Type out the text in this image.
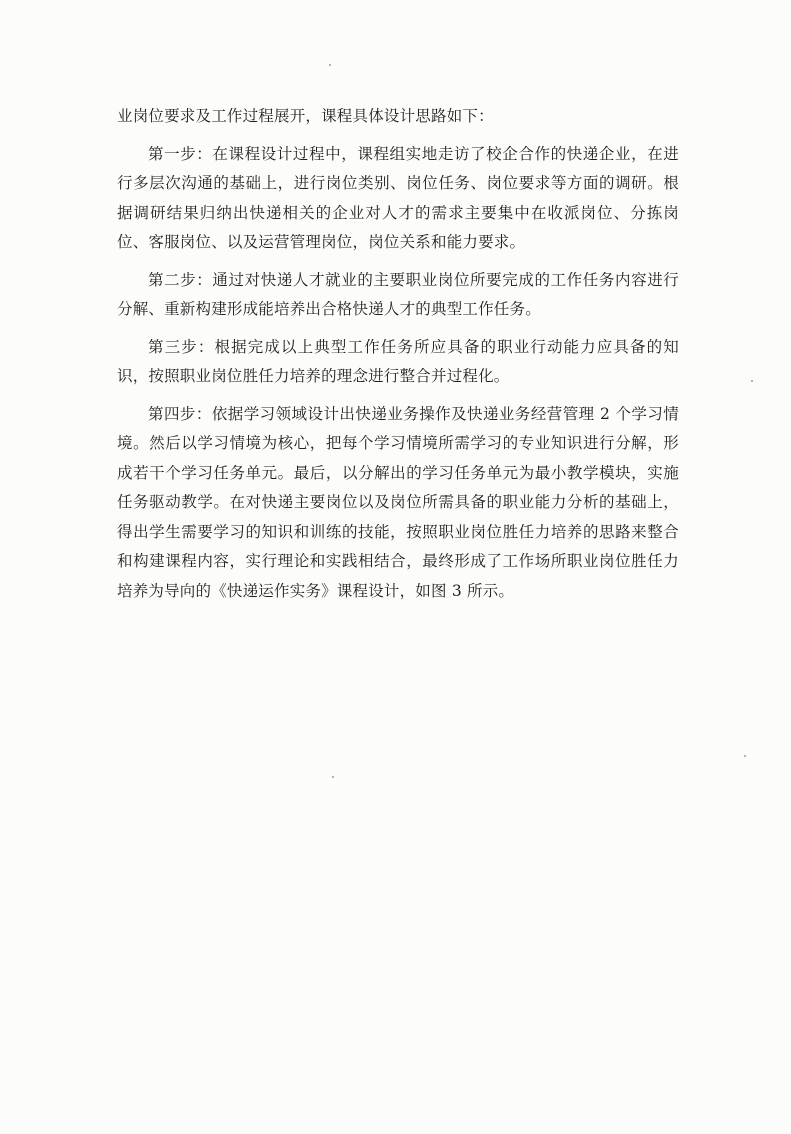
业岗位要求及工作过程展开，课程具体设计思路如下：

第一步：在课程设计过程中，课程组实地走访了校企合作的快递企业，在进行多层次沟通的基础上，进行岗位类别、岗位任务、岗位要求等方面的调研。根据调研结果归纳出快递相关的企业对人才的需求主要集中在收派岗位、分拣岗位、客服岗位、以及运营管理岗位，岗位关系和能力要求。

第二步：通过对快递人才就业的主要职业岗位所要完成的工作任务内容进行分解、重新构建形成能培养出合格快递人才的典型工作任务。

第三步：根据完成以上典型工作任务所应具备的职业行动能力应具备的知识，按照职业岗位胜任力培养的理念进行整合并过程化。

第四步：依据学习领域设计出快递业务操作及快递业务经营管理 2 个学习情境。然后以学习情境为核心，把每个学习情境所需学习的专业知识进行分解，形成若干个学习任务单元。最后，以分解出的学习任务单元为最小教学模块，实施任务驱动教学。在对快递主要岗位以及岗位所需具备的职业能力分析的基础上，得出学生需要学习的知识和训练的技能，按照职业岗位胜任力培养的思路来整合和构建课程内容，实行理论和实践相结合，最终形成了工作场所职业岗位胜任力培养为导向的《快递运作实务》课程设计，如图 3 所示。
